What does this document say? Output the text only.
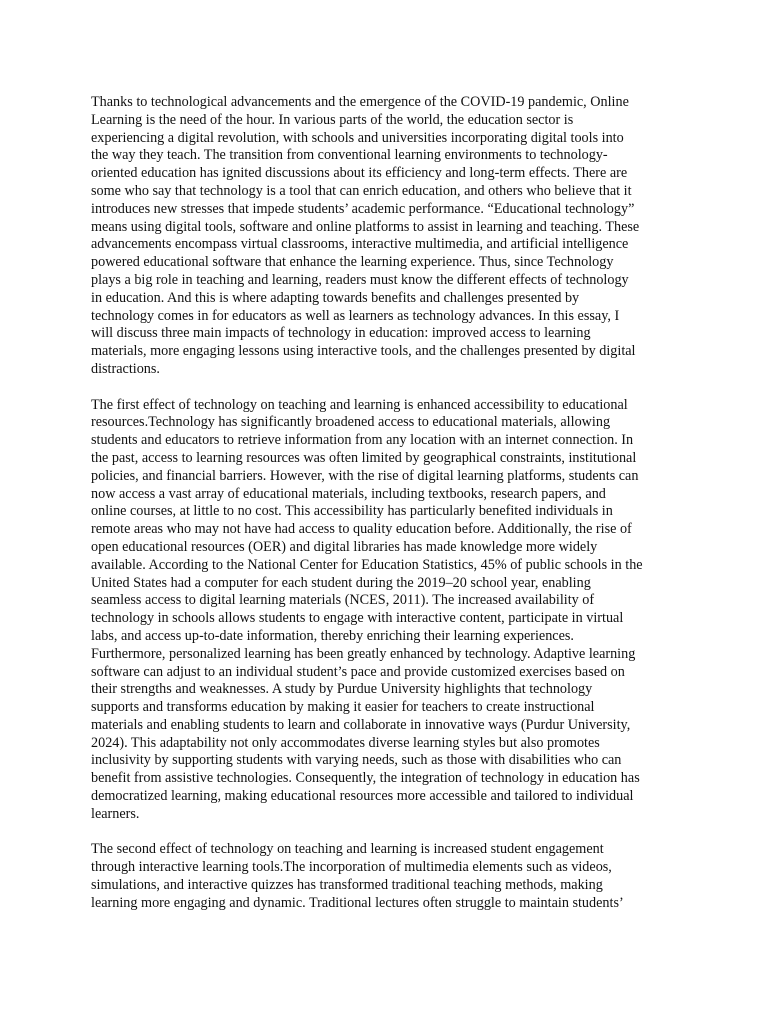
Thanks to technological advancements and the emergence of the COVID-19 pandemic, Online
Learning is the need of the hour. In various parts of the world, the education sector is
experiencing a digital revolution, with schools and universities incorporating digital tools into
the way they teach. The transition from conventional learning environments to technology-
oriented education has ignited discussions about its efficiency and long-term effects. There are
some who say that technology is a tool that can enrich education, and others who believe that it
introduces new stresses that impede students’ academic performance. “Educational technology”
means using digital tools, software and online platforms to assist in learning and teaching. These
advancements encompass virtual classrooms, interactive multimedia, and artificial intelligence
powered educational software that enhance the learning experience. Thus, since Technology
plays a big role in teaching and learning, readers must know the different effects of technology
in education. And this is where adapting towards benefits and challenges presented by
technology comes in for educators as well as learners as technology advances. In this essay, I
will discuss three main impacts of technology in education: improved access to learning
materials, more engaging lessons using interactive tools, and the challenges presented by digital
distractions.

The first effect of technology on teaching and learning is enhanced accessibility to educational
resources.Technology has significantly broadened access to educational materials, allowing
students and educators to retrieve information from any location with an internet connection. In
the past, access to learning resources was often limited by geographical constraints, institutional
policies, and financial barriers. However, with the rise of digital learning platforms, students can
now access a vast array of educational materials, including textbooks, research papers, and
online courses, at little to no cost. This accessibility has particularly benefited individuals in
remote areas who may not have had access to quality education before. Additionally, the rise of
open educational resources (OER) and digital libraries has made knowledge more widely
available. According to the National Center for Education Statistics, 45% of public schools in the
United States had a computer for each student during the 2019–20 school year, enabling
seamless access to digital learning materials (NCES, 2011). The increased availability of
technology in schools allows students to engage with interactive content, participate in virtual
labs, and access up-to-date information, thereby enriching their learning experiences.
Furthermore, personalized learning has been greatly enhanced by technology. Adaptive learning
software can adjust to an individual student’s pace and provide customized exercises based on
their strengths and weaknesses. A study by Purdue University highlights that technology
supports and transforms education by making it easier for teachers to create instructional
materials and enabling students to learn and collaborate in innovative ways (Purdur University,
2024). This adaptability not only accommodates diverse learning styles but also promotes
inclusivity by supporting students with varying needs, such as those with disabilities who can
benefit from assistive technologies. Consequently, the integration of technology in education has
democratized learning, making educational resources more accessible and tailored to individual
learners.

The second effect of technology on teaching and learning is increased student engagement
through interactive learning tools.The incorporation of multimedia elements such as videos,
simulations, and interactive quizzes has transformed traditional teaching methods, making
learning more engaging and dynamic. Traditional lectures often struggle to maintain students’
